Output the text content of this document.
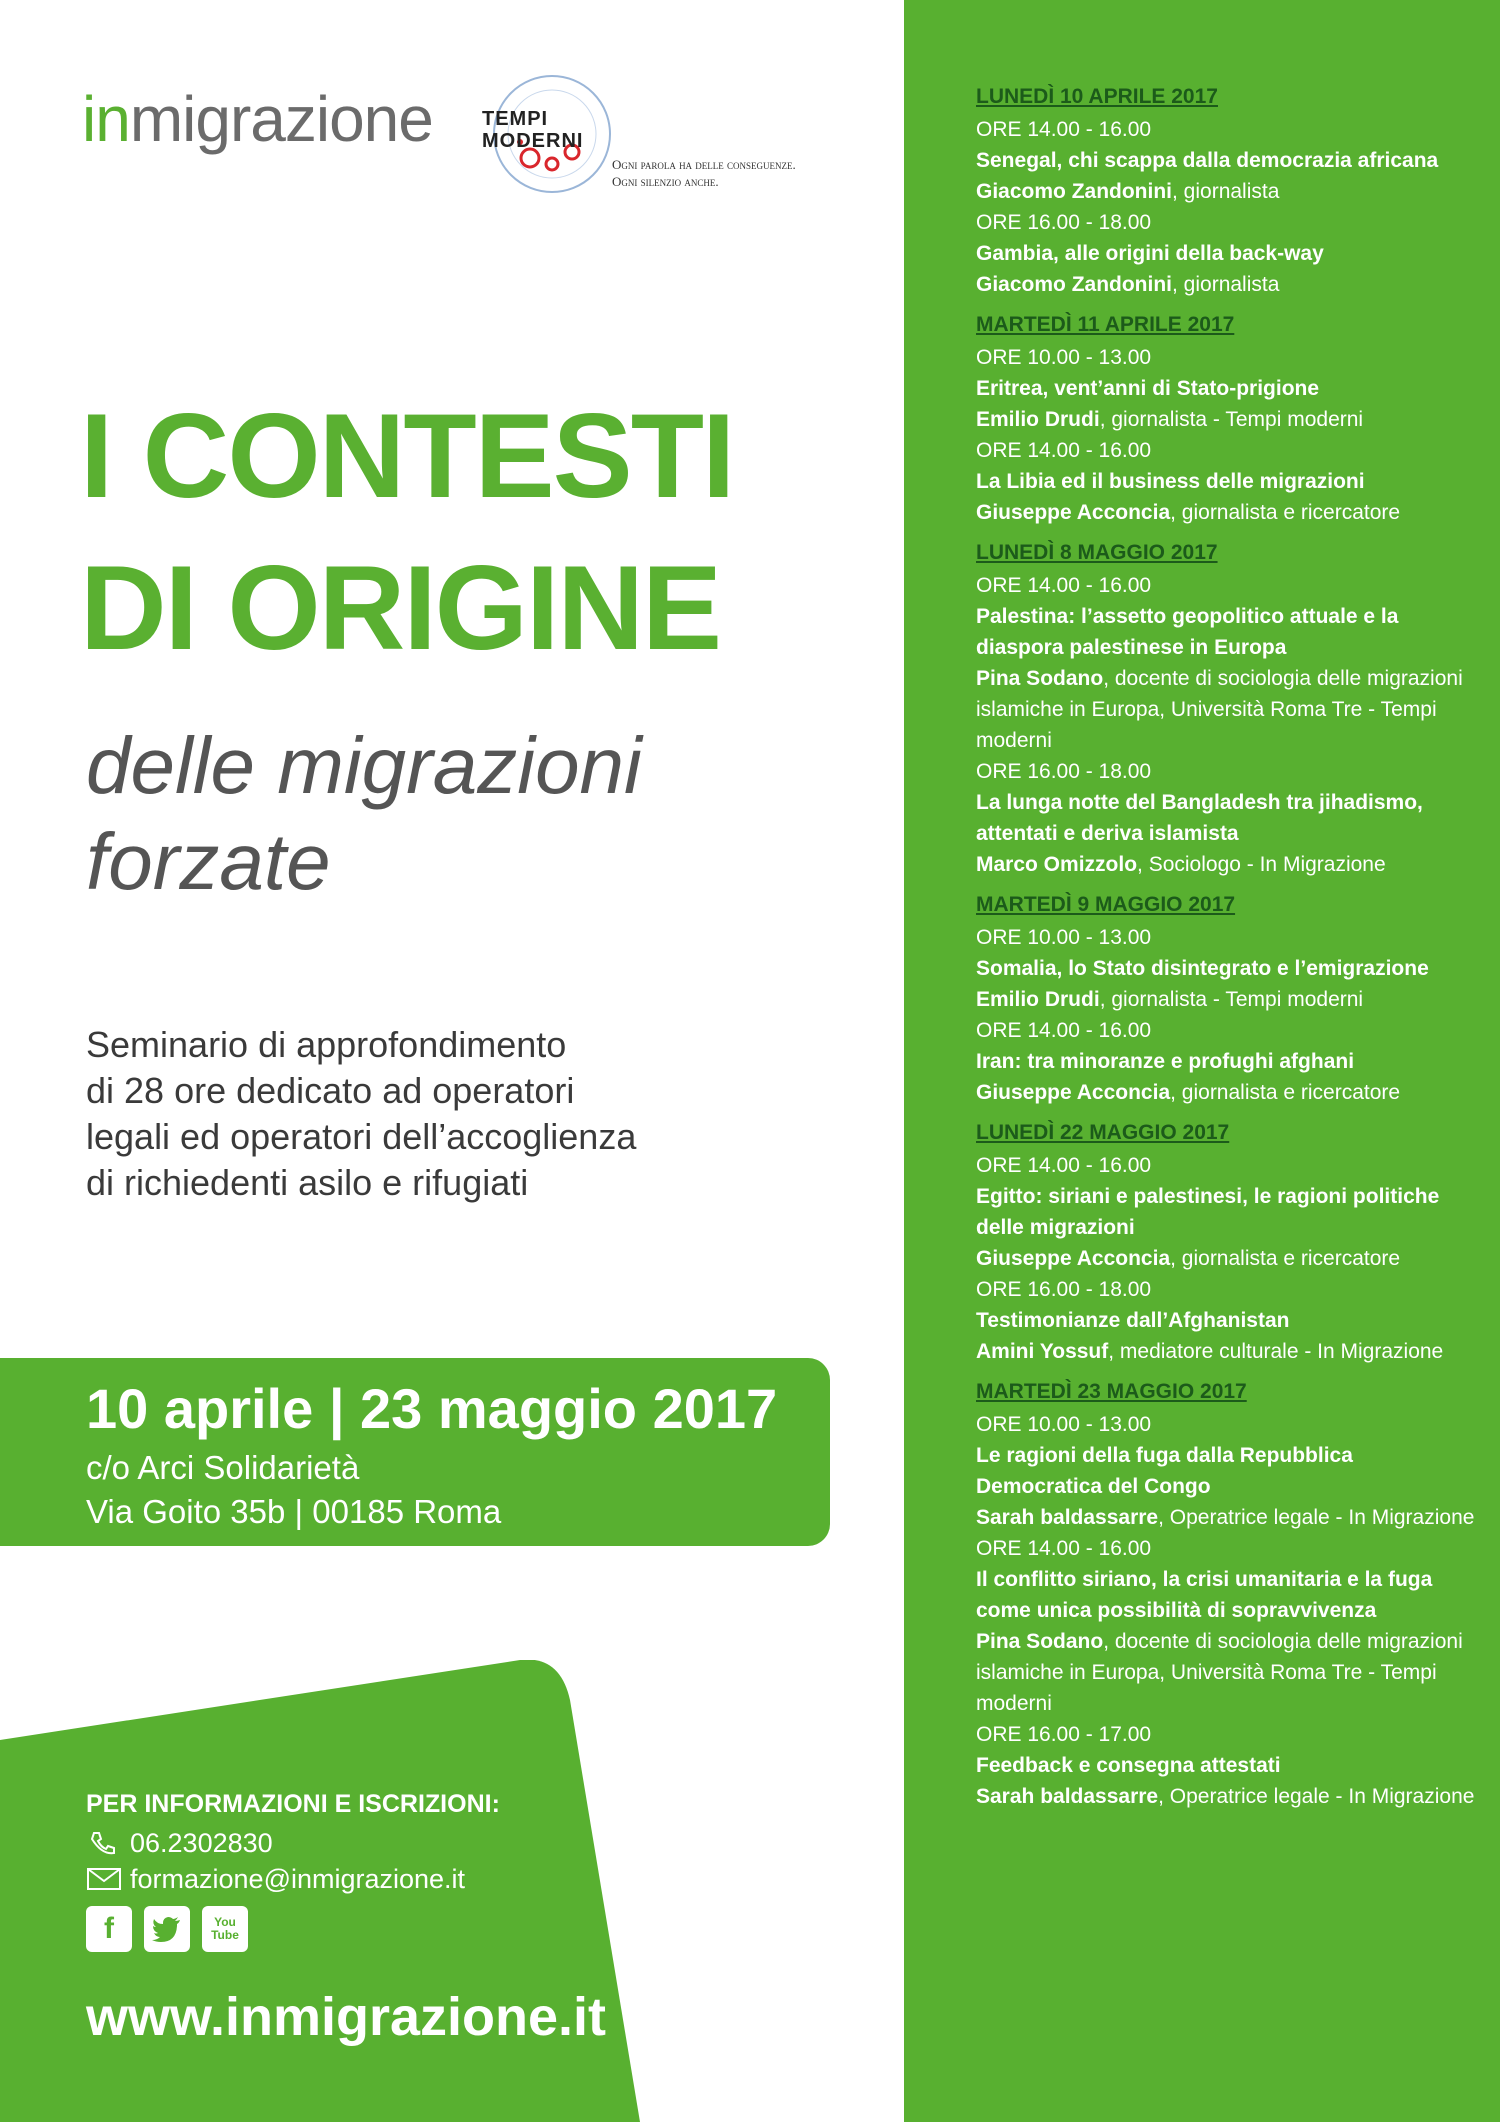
inmigrazione TEMPI
MODERNI
Ogni parola ha delle conseguenze.
Ogni silenzio anche.
I CONTESTI
DI ORIGINE
delle migrazioni
forzate
Seminario di approfondimento
di 28 ore dedicato ad operatori
legali ed operatori dell’accoglienza
di richiedenti asilo e rifugiati
10 aprile | 23 maggio 2017
c/o Arci Solidarietà
Via Goito 35b | 00185 Roma
PER INFORMAZIONI E ISCRIZIONI:
06.2302830
formazione@inmigrazione.it
f	You Tube
www.inmigrazione.it
LUNEDÌ 10 APRILE 2017
ORE 14.00 - 16.00
Senegal, chi scappa dalla democrazia africana
Giacomo Zandonini, giornalista
ORE 16.00 - 18.00
Gambia, alle origini della back-way
Giacomo Zandonini, giornalista
MARTEDÌ 11 APRILE 2017
ORE 10.00 - 13.00
Eritrea, vent’anni di Stato-prigione
Emilio Drudi, giornalista - Tempi moderni
ORE 14.00 - 16.00
La Libia ed il business delle migrazioni
Giuseppe Acconcia, giornalista e ricercatore
LUNEDÌ 8 MAGGIO 2017
ORE 14.00 - 16.00
Palestina: l’assetto geopolitico attuale e la diaspora palestinese in Europa
Pina Sodano, docente di sociologia delle migrazioni islamiche in Europa, Università Roma Tre - Tempi moderni
ORE 16.00 - 18.00
La lunga notte del Bangladesh tra jihadismo, attentati e deriva islamista
Marco Omizzolo, Sociologo - In Migrazione
MARTEDÌ 9 MAGGIO 2017
ORE 10.00 - 13.00
Somalia, lo Stato disintegrato e l’emigrazione
Emilio Drudi, giornalista - Tempi moderni
ORE 14.00 - 16.00
Iran: tra minoranze e profughi afghani
Giuseppe Acconcia, giornalista e ricercatore
LUNEDÌ 22 MAGGIO 2017
ORE 14.00 - 16.00
Egitto: siriani e palestinesi, le ragioni politiche delle migrazioni
Giuseppe Acconcia, giornalista e ricercatore
ORE 16.00 - 18.00
Testimonianze dall’Afghanistan
Amini Yossuf, mediatore culturale - In Migrazione
MARTEDÌ 23 MAGGIO 2017
ORE 10.00 - 13.00
Le ragioni della fuga dalla Repubblica Democratica del Congo
Sarah baldassarre, Operatrice legale - In Migrazione
ORE 14.00 - 16.00
Il conflitto siriano, la crisi umanitaria e la fuga come unica possibilità di sopravvivenza
Pina Sodano, docente di sociologia delle migrazioni islamiche in Europa, Università Roma Tre - Tempi moderni
ORE 16.00 - 17.00
Feedback e consegna attestati
Sarah baldassarre, Operatrice legale - In Migrazione
